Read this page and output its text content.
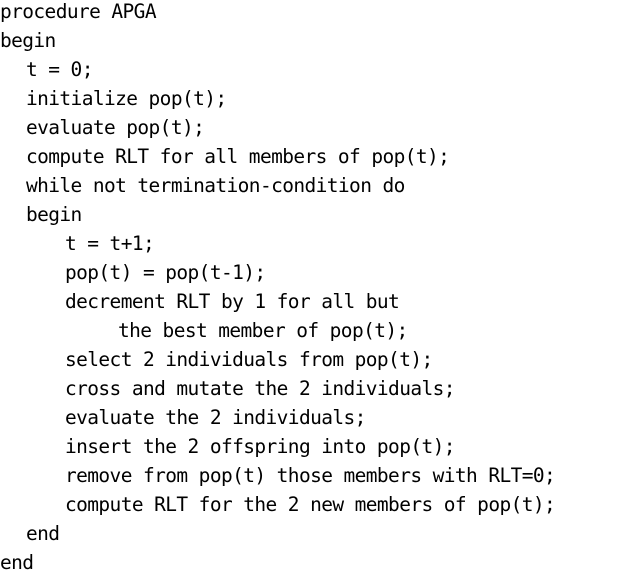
procedure APGA
begin
t = 0;
initialize pop(t);
evaluate pop(t);
compute RLT for all members of pop(t);
while not termination-condition do
begin
t = t+1;
pop(t) = pop(t-1);
decrement RLT by 1 for all but
the best member of pop(t);
select 2 individuals from pop(t);
cross and mutate the 2 individuals;
evaluate the 2 individuals;
insert the 2 offspring into pop(t);
remove from pop(t) those members with RLT=0;
compute RLT for the 2 new members of pop(t);
end
end
